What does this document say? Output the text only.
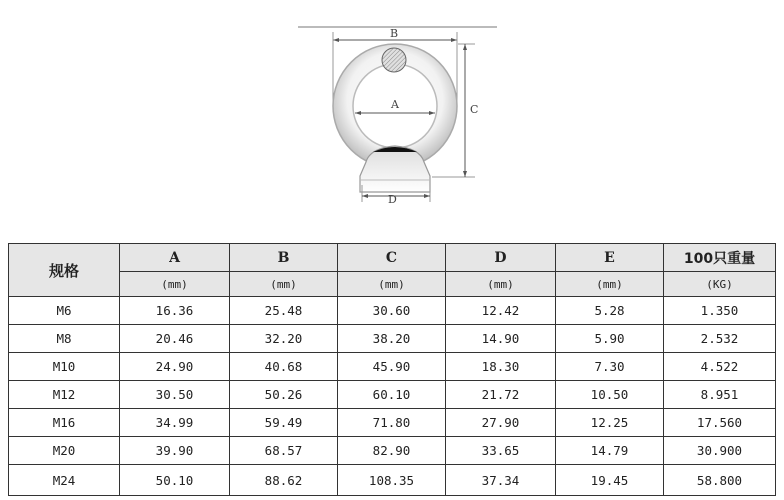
B
A	C
D
规格	A	B	C	D	E	100只重量
	(mm)	(mm)	(mm)	(mm)	(mm)	(KG)
M6	16.36	25.48	30.60	12.42	5.28	1.350
M8	20.46	32.20	38.20	14.90	5.90	2.532
M10	24.90	40.68	45.90	18.30	7.30	4.522
M12	30.50	50.26	60.10	21.72	10.50	8.951
M16	34.99	59.49	71.80	27.90	12.25	17.560
M20	39.90	68.57	82.90	33.65	14.79	30.900
M24	50.10	88.62	108.35	37.34	19.45	58.800
